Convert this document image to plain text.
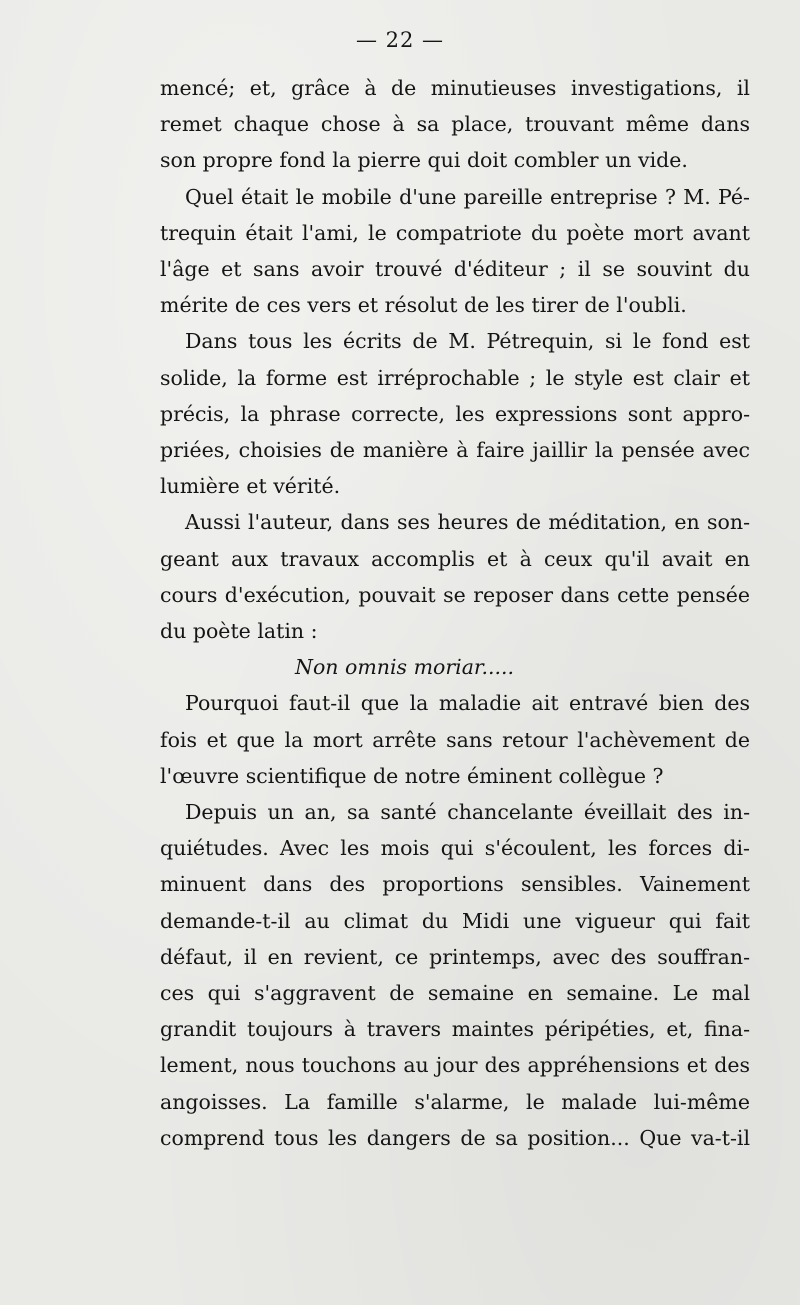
— 22 —
mencé; et, grâce à de minutieuses investigations, il
remet chaque chose à sa place, trouvant même dans
son propre fond la pierre qui doit combler un vide.
Quel était le mobile d'une pareille entreprise ? M. Pé-
trequin était l'ami, le compatriote du poète mort avant
l'âge et sans avoir trouvé d'éditeur ; il se souvint du
mérite de ces vers et résolut de les tirer de l'oubli.
Dans tous les écrits de M. Pétrequin, si le fond est
solide, la forme est irréprochable ; le style est clair et
précis, la phrase correcte, les expressions sont appro-
priées, choisies de manière à faire jaillir la pensée avec
lumière et vérité.
Aussi l'auteur, dans ses heures de méditation, en son-
geant aux travaux accomplis et à ceux qu'il avait en
cours d'exécution, pouvait se reposer dans cette pensée
du poète latin :
Non omnis moriar.....
Pourquoi faut-il que la maladie ait entravé bien des
fois et que la mort arrête sans retour l'achèvement de
l'œuvre scientifique de notre éminent collègue ?
Depuis un an, sa santé chancelante éveillait des in-
quiétudes. Avec les mois qui s'écoulent, les forces di-
minuent dans des proportions sensibles. Vainement
demande-t-il au climat du Midi une vigueur qui fait
défaut, il en revient, ce printemps, avec des souffran-
ces qui s'aggravent de semaine en semaine. Le mal
grandit toujours à travers maintes péripéties, et, fina-
lement, nous touchons au jour des appréhensions et des
angoisses. La famille s'alarme, le malade lui-même
comprend tous les dangers de sa position... Que va-t-il
